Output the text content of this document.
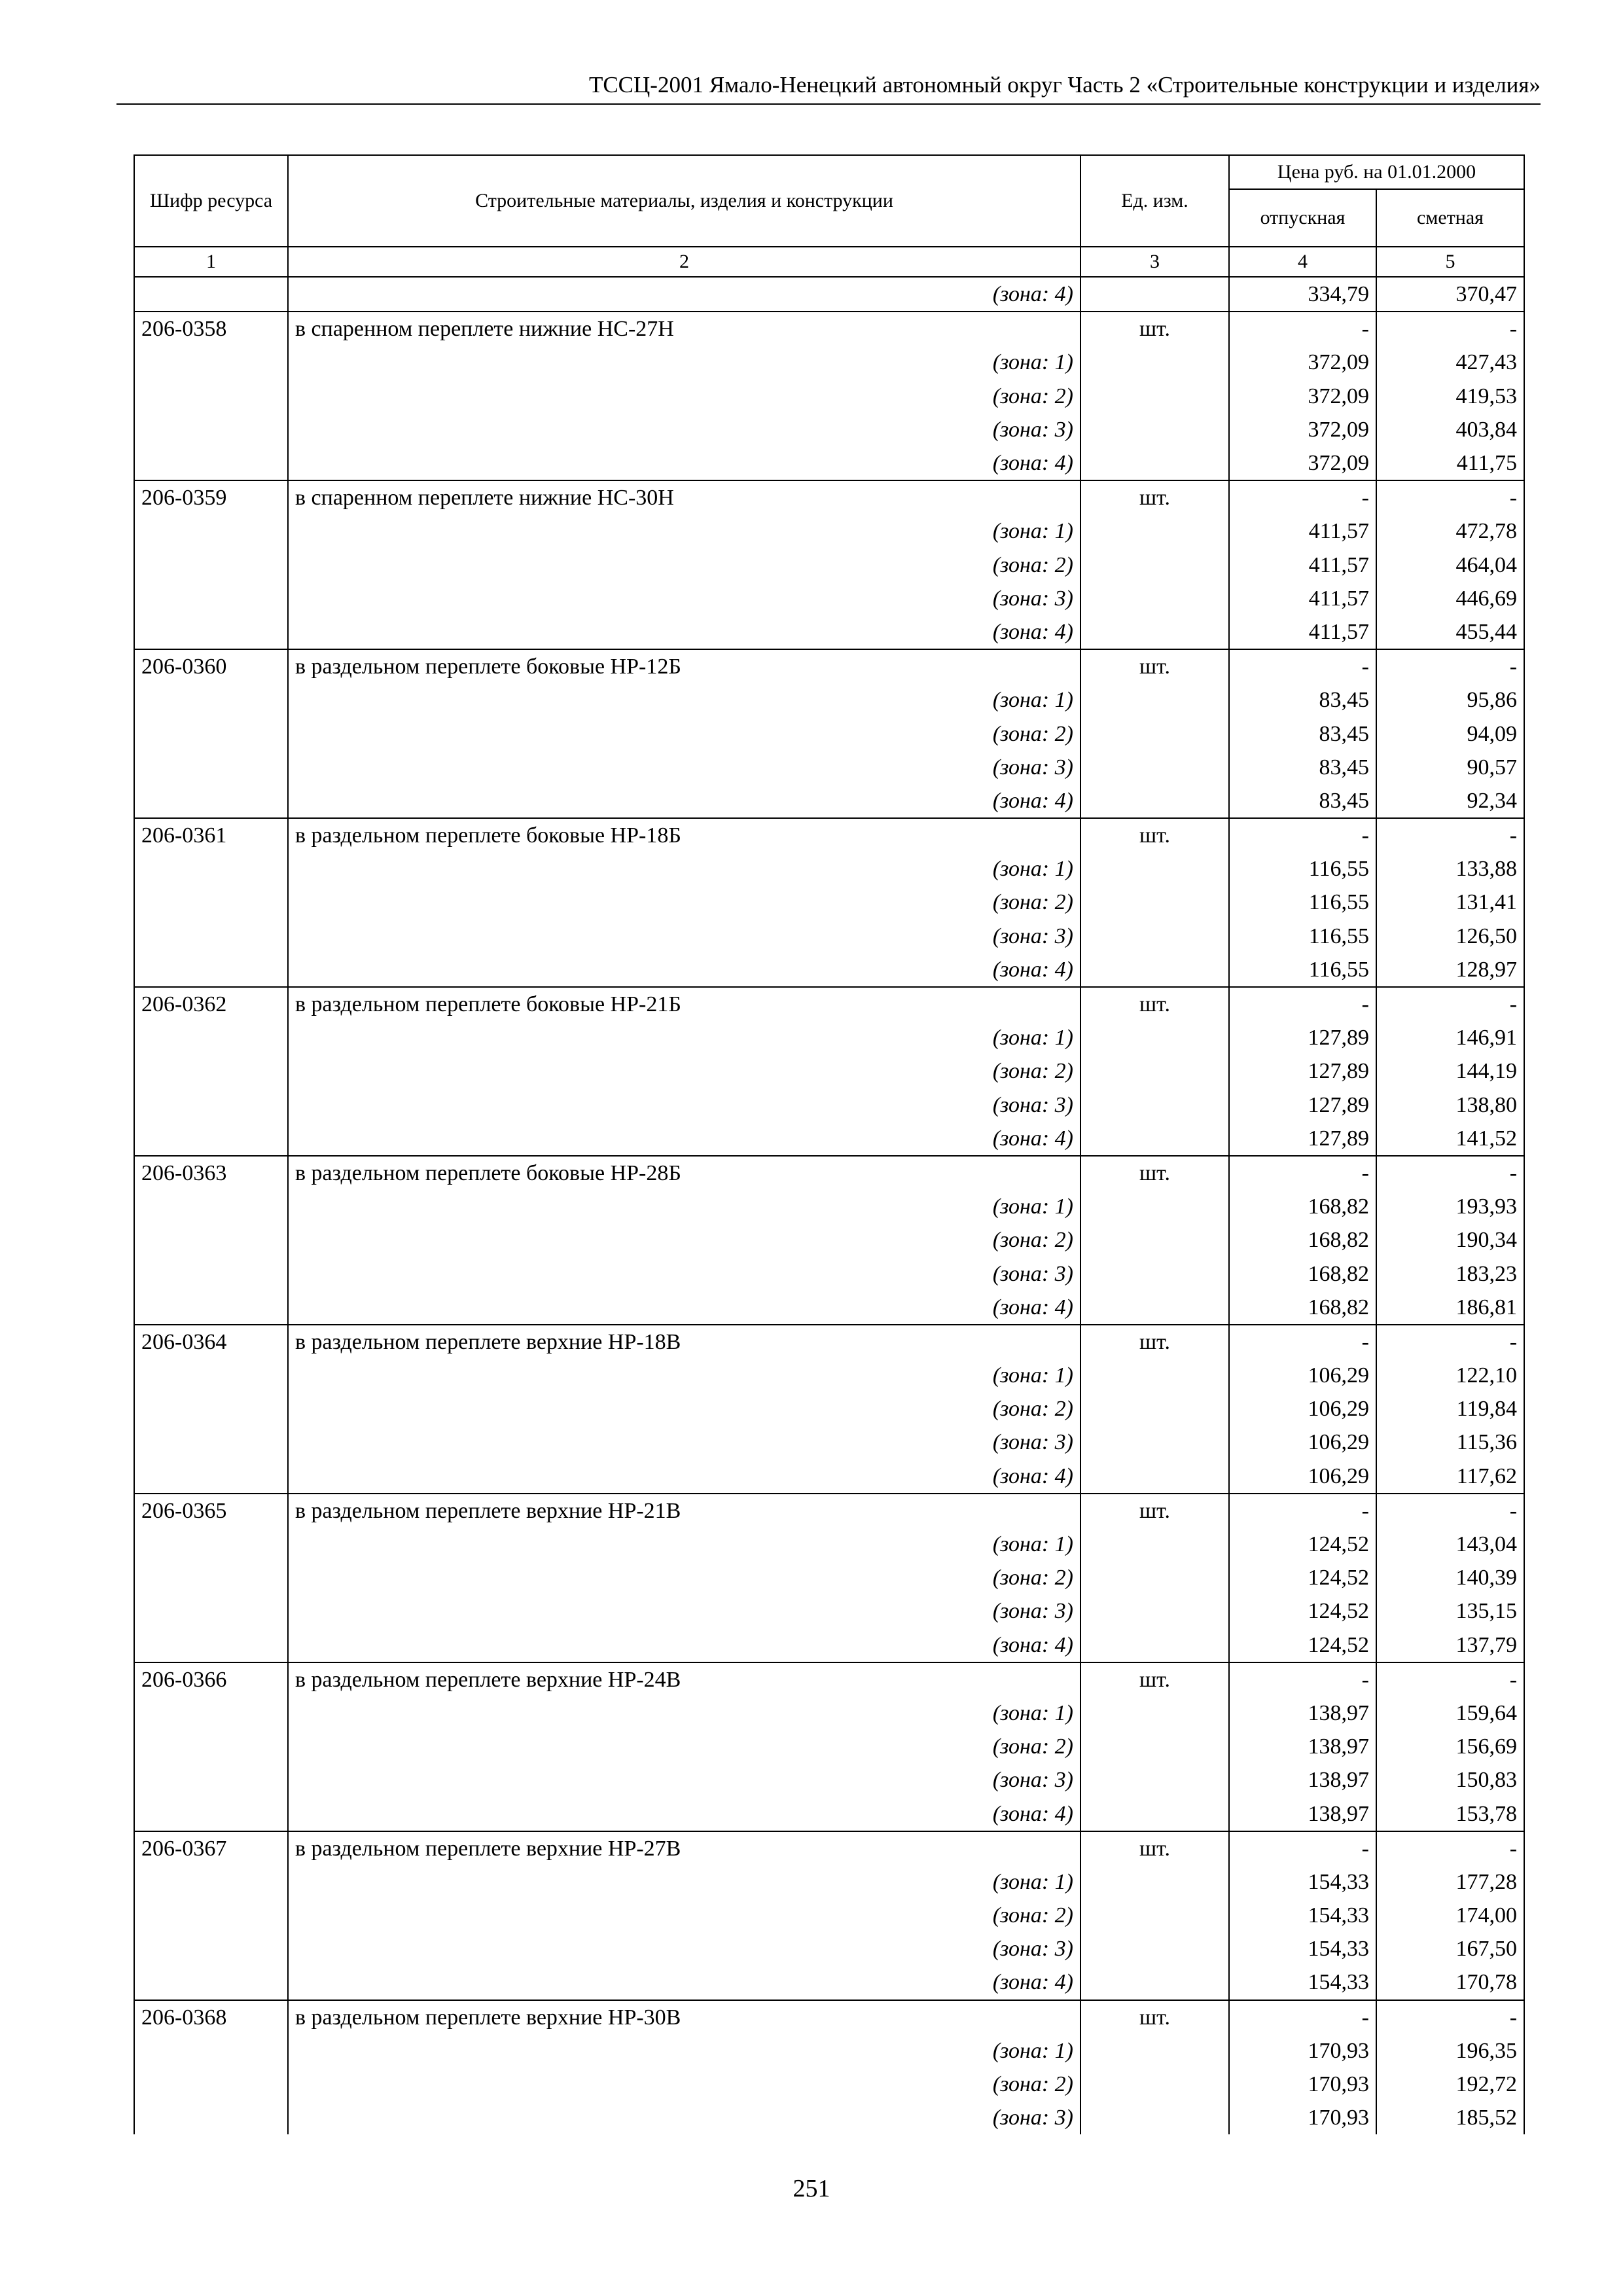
ТССЦ-2001 Ямало-Ненецкий автономный округ Часть 2 «Строительные конструкции и изделия»
Шифр ресурса	Строительные материалы, изделия и конструкции	Ед. изм.	Цена руб. на 01.01.2000	
			отпускная	сметная
1	2	3	4	5
	(зона: 4)		334,79	370,47
206-0358	в спаренном переплете нижние НС-27Н	шт.	-	-
	(зона: 1)		372,09	427,43
	(зона: 2)		372,09	419,53
	(зона: 3)		372,09	403,84
	(зона: 4)		372,09	411,75
206-0359	в спаренном переплете нижние НС-30Н	шт.	-	-
	(зона: 1)		411,57	472,78
	(зона: 2)		411,57	464,04
	(зона: 3)		411,57	446,69
	(зона: 4)		411,57	455,44
206-0360	в раздельном переплете боковые НР-12Б	шт.	-	-
	(зона: 1)		83,45	95,86
	(зона: 2)		83,45	94,09
	(зона: 3)		83,45	90,57
	(зона: 4)		83,45	92,34
206-0361	в раздельном переплете боковые НР-18Б	шт.	-	-
	(зона: 1)		116,55	133,88
	(зона: 2)		116,55	131,41
	(зона: 3)		116,55	126,50
	(зона: 4)		116,55	128,97
206-0362	в раздельном переплете боковые НР-21Б	шт.	-	-
	(зона: 1)		127,89	146,91
	(зона: 2)		127,89	144,19
	(зона: 3)		127,89	138,80
	(зона: 4)		127,89	141,52
206-0363	в раздельном переплете боковые НР-28Б	шт.	-	-
	(зона: 1)		168,82	193,93
	(зона: 2)		168,82	190,34
	(зона: 3)		168,82	183,23
	(зона: 4)		168,82	186,81
206-0364	в раздельном переплете верхние НР-18В	шт.	-	-
	(зона: 1)		106,29	122,10
	(зона: 2)		106,29	119,84
	(зона: 3)		106,29	115,36
	(зона: 4)		106,29	117,62
206-0365	в раздельном переплете верхние НР-21В	шт.	-	-
	(зона: 1)		124,52	143,04
	(зона: 2)		124,52	140,39
	(зона: 3)		124,52	135,15
	(зона: 4)		124,52	137,79
206-0366	в раздельном переплете верхние НР-24В	шт.	-	-
	(зона: 1)		138,97	159,64
	(зона: 2)		138,97	156,69
	(зона: 3)		138,97	150,83
	(зона: 4)		138,97	153,78
206-0367	в раздельном переплете верхние НР-27В	шт.	-	-
	(зона: 1)		154,33	177,28
	(зона: 2)		154,33	174,00
	(зона: 3)		154,33	167,50
	(зона: 4)		154,33	170,78
206-0368	в раздельном переплете верхние НР-30В	шт.	-	-
	(зона: 1)		170,93	196,35
	(зона: 2)		170,93	192,72
	(зона: 3)		170,93	185,52
251
